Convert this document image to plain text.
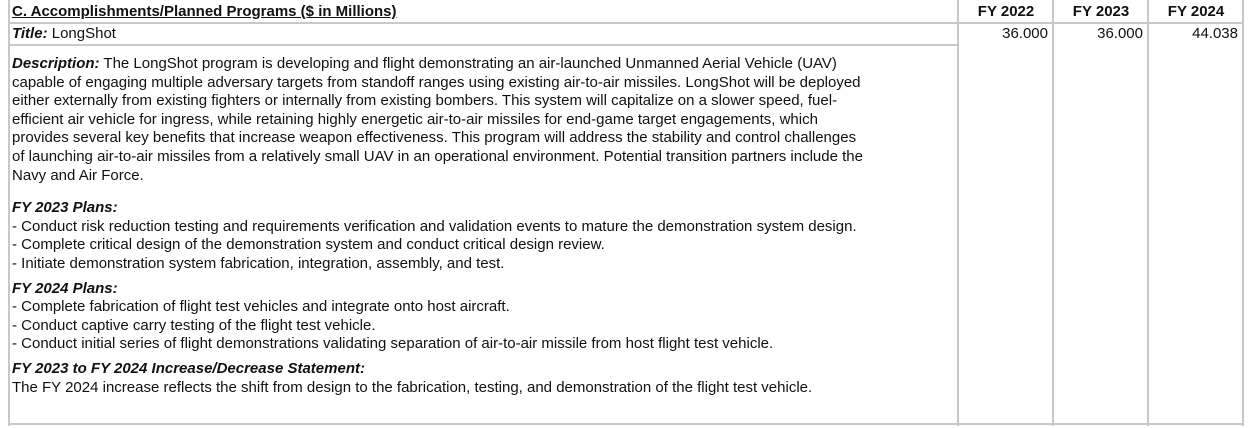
C. Accomplishments/Planned Programs ($ in Millions)	FY 2022	FY 2023	FY 2024
Title: LongShot	36.000	36.000	44.038
Description: The LongShot program is developing and flight demonstrating an air-launched Unmanned Aerial Vehicle (UAV)
capable of engaging multiple adversary targets from standoff ranges using existing air-to-air missiles. LongShot will be deployed
either externally from existing fighters or internally from existing bombers. This system will capitalize on a slower speed, fuel-
efficient air vehicle for ingress, while retaining highly energetic air-to-air missiles for end-game target engagements, which
provides several key benefits that increase weapon effectiveness. This program will address the stability and control challenges
of launching air-to-air missiles from a relatively small UAV in an operational environment. Potential transition partners include the
Navy and Air Force.
FY 2023 Plans:
- Conduct risk reduction testing and requirements verification and validation events to mature the demonstration system design.
- Complete critical design of the demonstration system and conduct critical design review.
- Initiate demonstration system fabrication, integration, assembly, and test.
FY 2024 Plans:
- Complete fabrication of flight test vehicles and integrate onto host aircraft.
- Conduct captive carry testing of the flight test vehicle.
- Conduct initial series of flight demonstrations validating separation of air-to-air missile from host flight test vehicle.
FY 2023 to FY 2024 Increase/Decrease Statement:
The FY 2024 increase reflects the shift from design to the fabrication, testing, and demonstration of the flight test vehicle.
